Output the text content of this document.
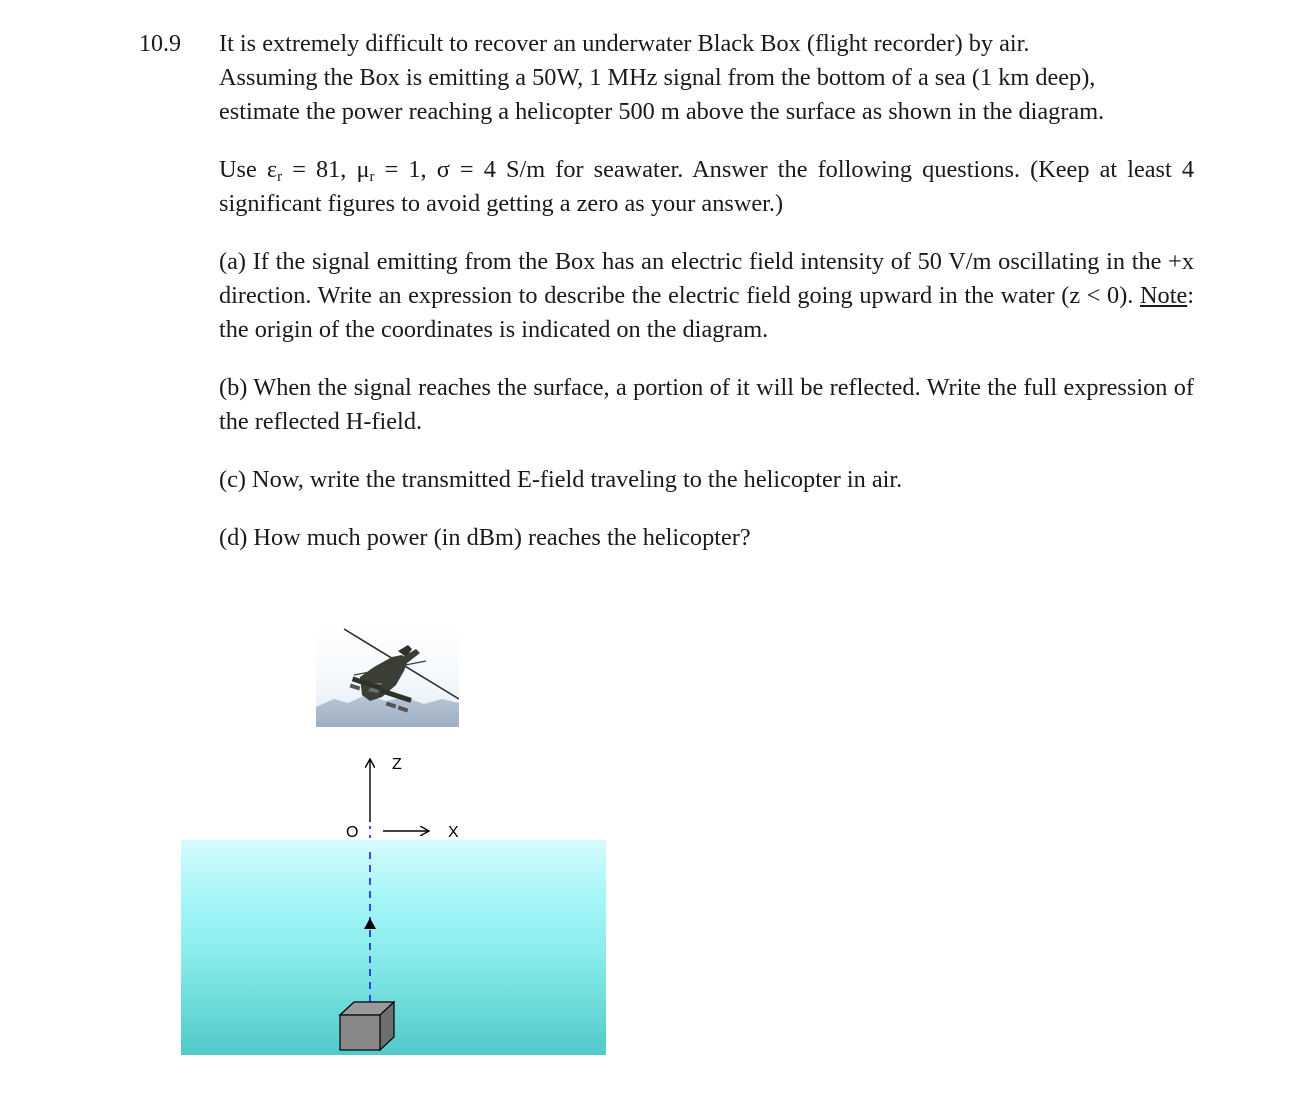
10.9 It is extremely difficult to recover an underwater Black Box (flight recorder) by air.
Assuming the Box is emitting a 50W, 1 MHz signal from the bottom of a sea (1 km deep),
estimate the power reaching a helicopter 500 m above the surface as shown in the diagram.

Use $\varepsilon_r = 81$, $\mu_r = 1$, σ = 4 S/m for seawater. Answer the following questions. (Keep at least 4 significant figures to avoid getting a zero as your answer.)

(a) If the signal emitting from the Box has an electric field intensity of 50 V/m oscillating in the +x direction. Write an expression to describe the electric field going upward in the water (z < 0). Note: the origin of the coordinates is indicated on the diagram.

(b) When the signal reaches the surface, a portion of it will be reflected. Write the full expression of the reflected H-field.

(c) Now, write the transmitted E-field traveling to the helicopter in air.

(d) How much power (in dBm) reaches the helicopter?

Z
X
O
